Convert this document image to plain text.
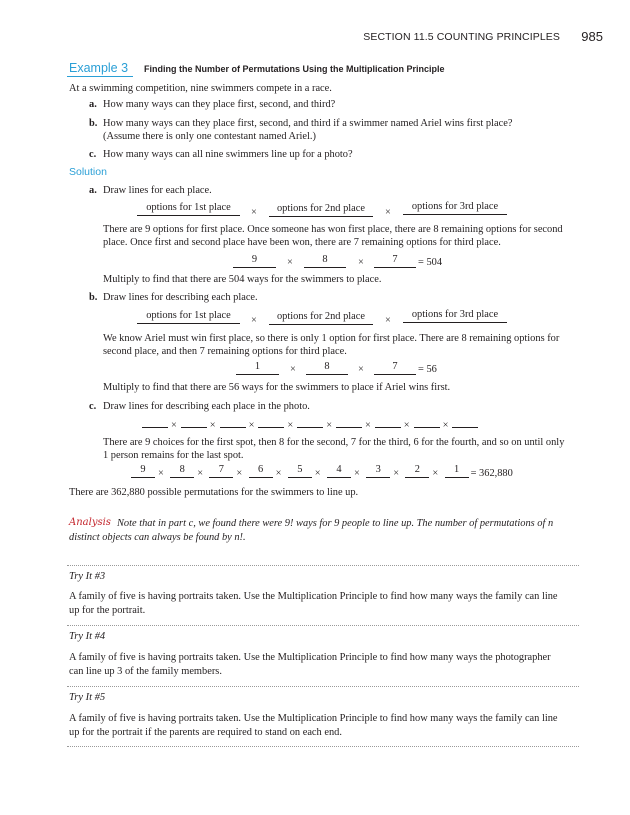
SECTION 11.5 COUNTING PRINCIPLES	985
Example 3 Finding the Number of Permutations Using the Multiplication Principle
At a swimming competition, nine swimmers compete in a race.
a. How many ways can they place first, second, and third?
b. How many ways can they place first, second, and third if a swimmer named Ariel wins first place?
(Assume there is only one contestant named Ariel.)
c. How many ways can all nine swimmers line up for a photo?
Solution
a. Draw lines for each place.
options for 1st place	×	options for 2nd place	×
options for 3rd place
There are 9 options for first place. Once someone has won first place, there are 8 remaining options for second
place. Once first and second place have been won, there are 7 remaining options for third place.
9	×	8	×	7	= 504
Multiply to find that there are 504 ways for the swimmers to place.
b. Draw lines for describing each place.
options for 1st place	×	options for 2nd place	×
options for 3rd place
We know Ariel must win first place, so there is only 1 option for first place. There are 8 remaining options for
second place, and then 7 remaining options for third place.
1	×	8	×	7	= 56
Multiply to find that there are 56 ways for the swimmers to place if Ariel wins first.
c. Draw lines for describing each place in the photo.
×	×	×	×	×	×	×	×
There are 9 choices for the first spot, then 8 for the second, 7 for the third, 6 for the fourth, and so on until only
1 person remains for the last spot.
9	×	8	×	7	×	6	×	5	×	4	×	3	×	2	×	1	= 362,880
There are 362,880 possible permutations for the swimmers to line up.
Analysis Note that in part c, we found there were 9! ways for 9 people to line up. The number of permutations of n
distinct objects can always be found by n!.
Try It #3
A family of five is having portraits taken. Use the Multiplication Principle to find how many ways the family can line
up for the portrait.
Try It #4
A family of five is having portraits taken. Use the Multiplication Principle to find how many ways the photographer
can line up 3 of the family members.
Try It #5
A family of five is having portraits taken. Use the Multiplication Principle to find how many ways the family can line
up for the portrait if the parents are required to stand on each end.
